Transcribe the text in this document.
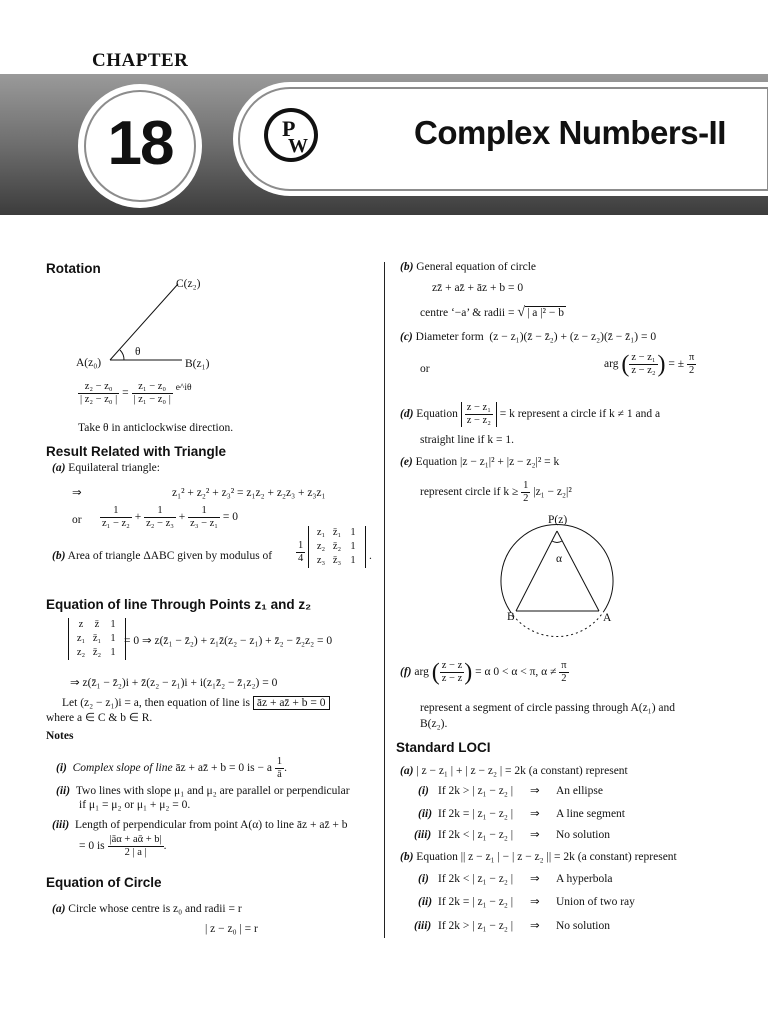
CHAPTER
18	P
W	Complex Numbers-II
Rotation
C(z₂)
A(z₀)	B(z₁)
θ
$\frac{\text{z₂ − z₀}}{\text{| z₂ − z₀ |}} = \frac{\text{z₁ − z₀}}{\text{| z₁ − z₀ |}} ^{e\^{}i\theta}$
Take θ in anticlockwise direction.
Result Related with Triangle
(a) Equilateral triangle:
⇒	z₁² + z₂² + z₃² = z₁z₂ + z₂z₃ + z₃z₁
or $\frac{1}{\text{z₁ − z₂}} + \frac{1}{\text{z₂ − z₃}} + \frac{1}{\text{z₃ − z₁}} = 0$
(b) Area of triangle ΔABC given by modulus of $\frac{1}{4}$
z₁ z̄₁ 1
z₂ z̄₂ 1
z₃ z̄₃ 1	.
Equation of line Through Points z₁ and z₂
z z̄ 1
z₁ z̄₁ 1
z₂ z̄₂ 1
= 0 ⇒ z(z̄₁ − z̄₂) + z₁z̄(z₂ − z₁) + z̄₂ − z̄₂z₂ = 0
⇒ z(z̄₁ − z̄₂)i + z̄(z₂ − z₁)i + i(z₁z̄₂ − z̄₁z₂) = 0
Let (z₂ − z₁)i = a, then equation of line is āz + az̄ + b = 0
where a ∈ C & b ∈ R.
Notes
(i) Complex slope of line āz + az̄ + b = 0 is − a $\frac{1}{ā}$ .
(ii) Two lines with slope μ₁ and μ₂ are parallel or perpendicular
if μ₁ = μ₂ or μ₁ + μ₂ = 0.
(iii) Length of perpendicular from point A(α) to line āz + az̄ + b
= 0 is $\frac{\text{|āα + aᾱ + b|}}{2 | a |}$ .
Equation of Circle
(a) Circle whose centre is z₀ and radii = r
| z − z₀ | = r
(b) General equation of circle
zz̄ + az̄ + āz + b = 0
centre ‘−a’ & radii = √ | a |² − b
(c) Diameter form (z − z₁)(z̄ − z̄₂) + (z − z₂)(z̄ − z̄₁) = 0
or	arg ( $\frac{\text{z − z₁}}{\text{z − z₂}}$ ) = ± $\frac{\pi}{2}$
(d) Equation $\frac{\text{z − z₁}}{\text{z − z₂}} = k$ represent a circle if k ≠ 1 and a
straight line if k = 1.
(e) Equation |z − z₁|² + |z − z₂|² = k
represent circle if $k \ge \frac{1}{2} |z_1 - z_2|^2$
P(z)
α
B	A
(f) arg ( $\frac{z - z}{z - z}$ ) = α 0 < α < π, $\alpha \ne \frac{\pi}{2}$
represent a segment of circle passing through A(z₁) and
B(z₂).
Standard LOCI
(a) | z − z₁ | + | z − z₂ | = 2k (a constant) represent
(i) If 2k > | z₁ − z₂ | ⇒ An ellipse
(ii) If 2k = | z₁ − z₂ | ⇒ A line segment
(iii) If 2k < | z₁ − z₂ | ⇒ No solution
(b) Equation || z − z₁ | − | z − z₂ || = 2k (a constant) represent
(i) If 2k < | z₁ − z₂ | ⇒ A hyperbola
(ii) If 2k = | z₁ − z₂ | ⇒ Union of two ray
(iii) If 2k > | z₁ − z₂ | ⇒ No solution
